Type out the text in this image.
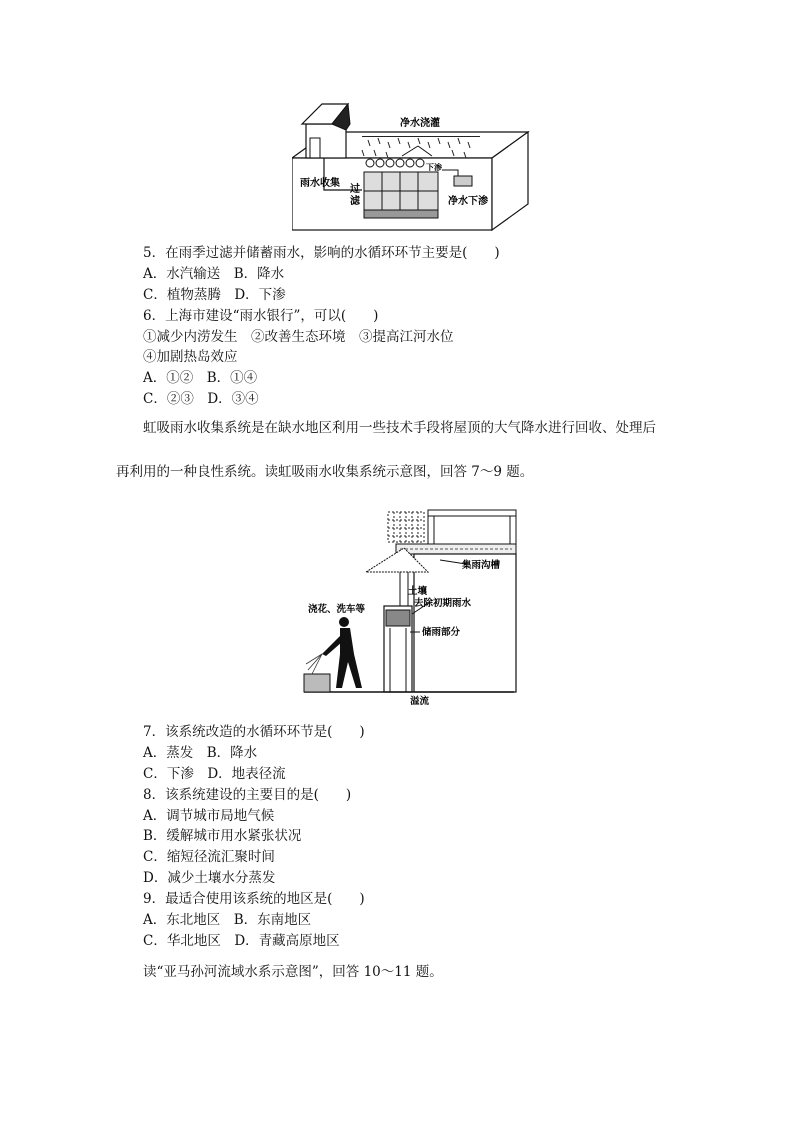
净水浇灌
雨水收集
过
滤
下渗
净水下渗
5．在雨季过滤并储蓄雨水，影响的水循环环节主要是(　　)
A．水汽输送　B．降水
C．植物蒸腾　D．下渗
6．上海市建设“雨水银行”，可以(　　)
①减少内涝发生　②改善生态环境　③提高江河水位
④加剧热岛效应
A．①②　B．①④
C．②③　D．③④
虹吸雨水收集系统是在缺水地区利用一些技术手段将屋顶的大气降水进行回收、处理后
再利用的一种良性系统。读虹吸雨水收集系统示意图，回答 7～9 题。
集雨沟槽
土壤
去除初期雨水
储雨部分
浇花、洗车等
溢流
7．该系统改造的水循环环节是(　　)
A．蒸发　B．降水
C．下渗　D．地表径流
8．该系统建设的主要目的是(　　)
A．调节城市局地气候
B．缓解城市用水紧张状况
C．缩短径流汇聚时间
D．减少土壤水分蒸发
9．最适合使用该系统的地区是(　　)
A．东北地区　B．东南地区
C．华北地区　D．青藏高原地区
读“亚马孙河流域水系示意图”，回答 10～11 题。
